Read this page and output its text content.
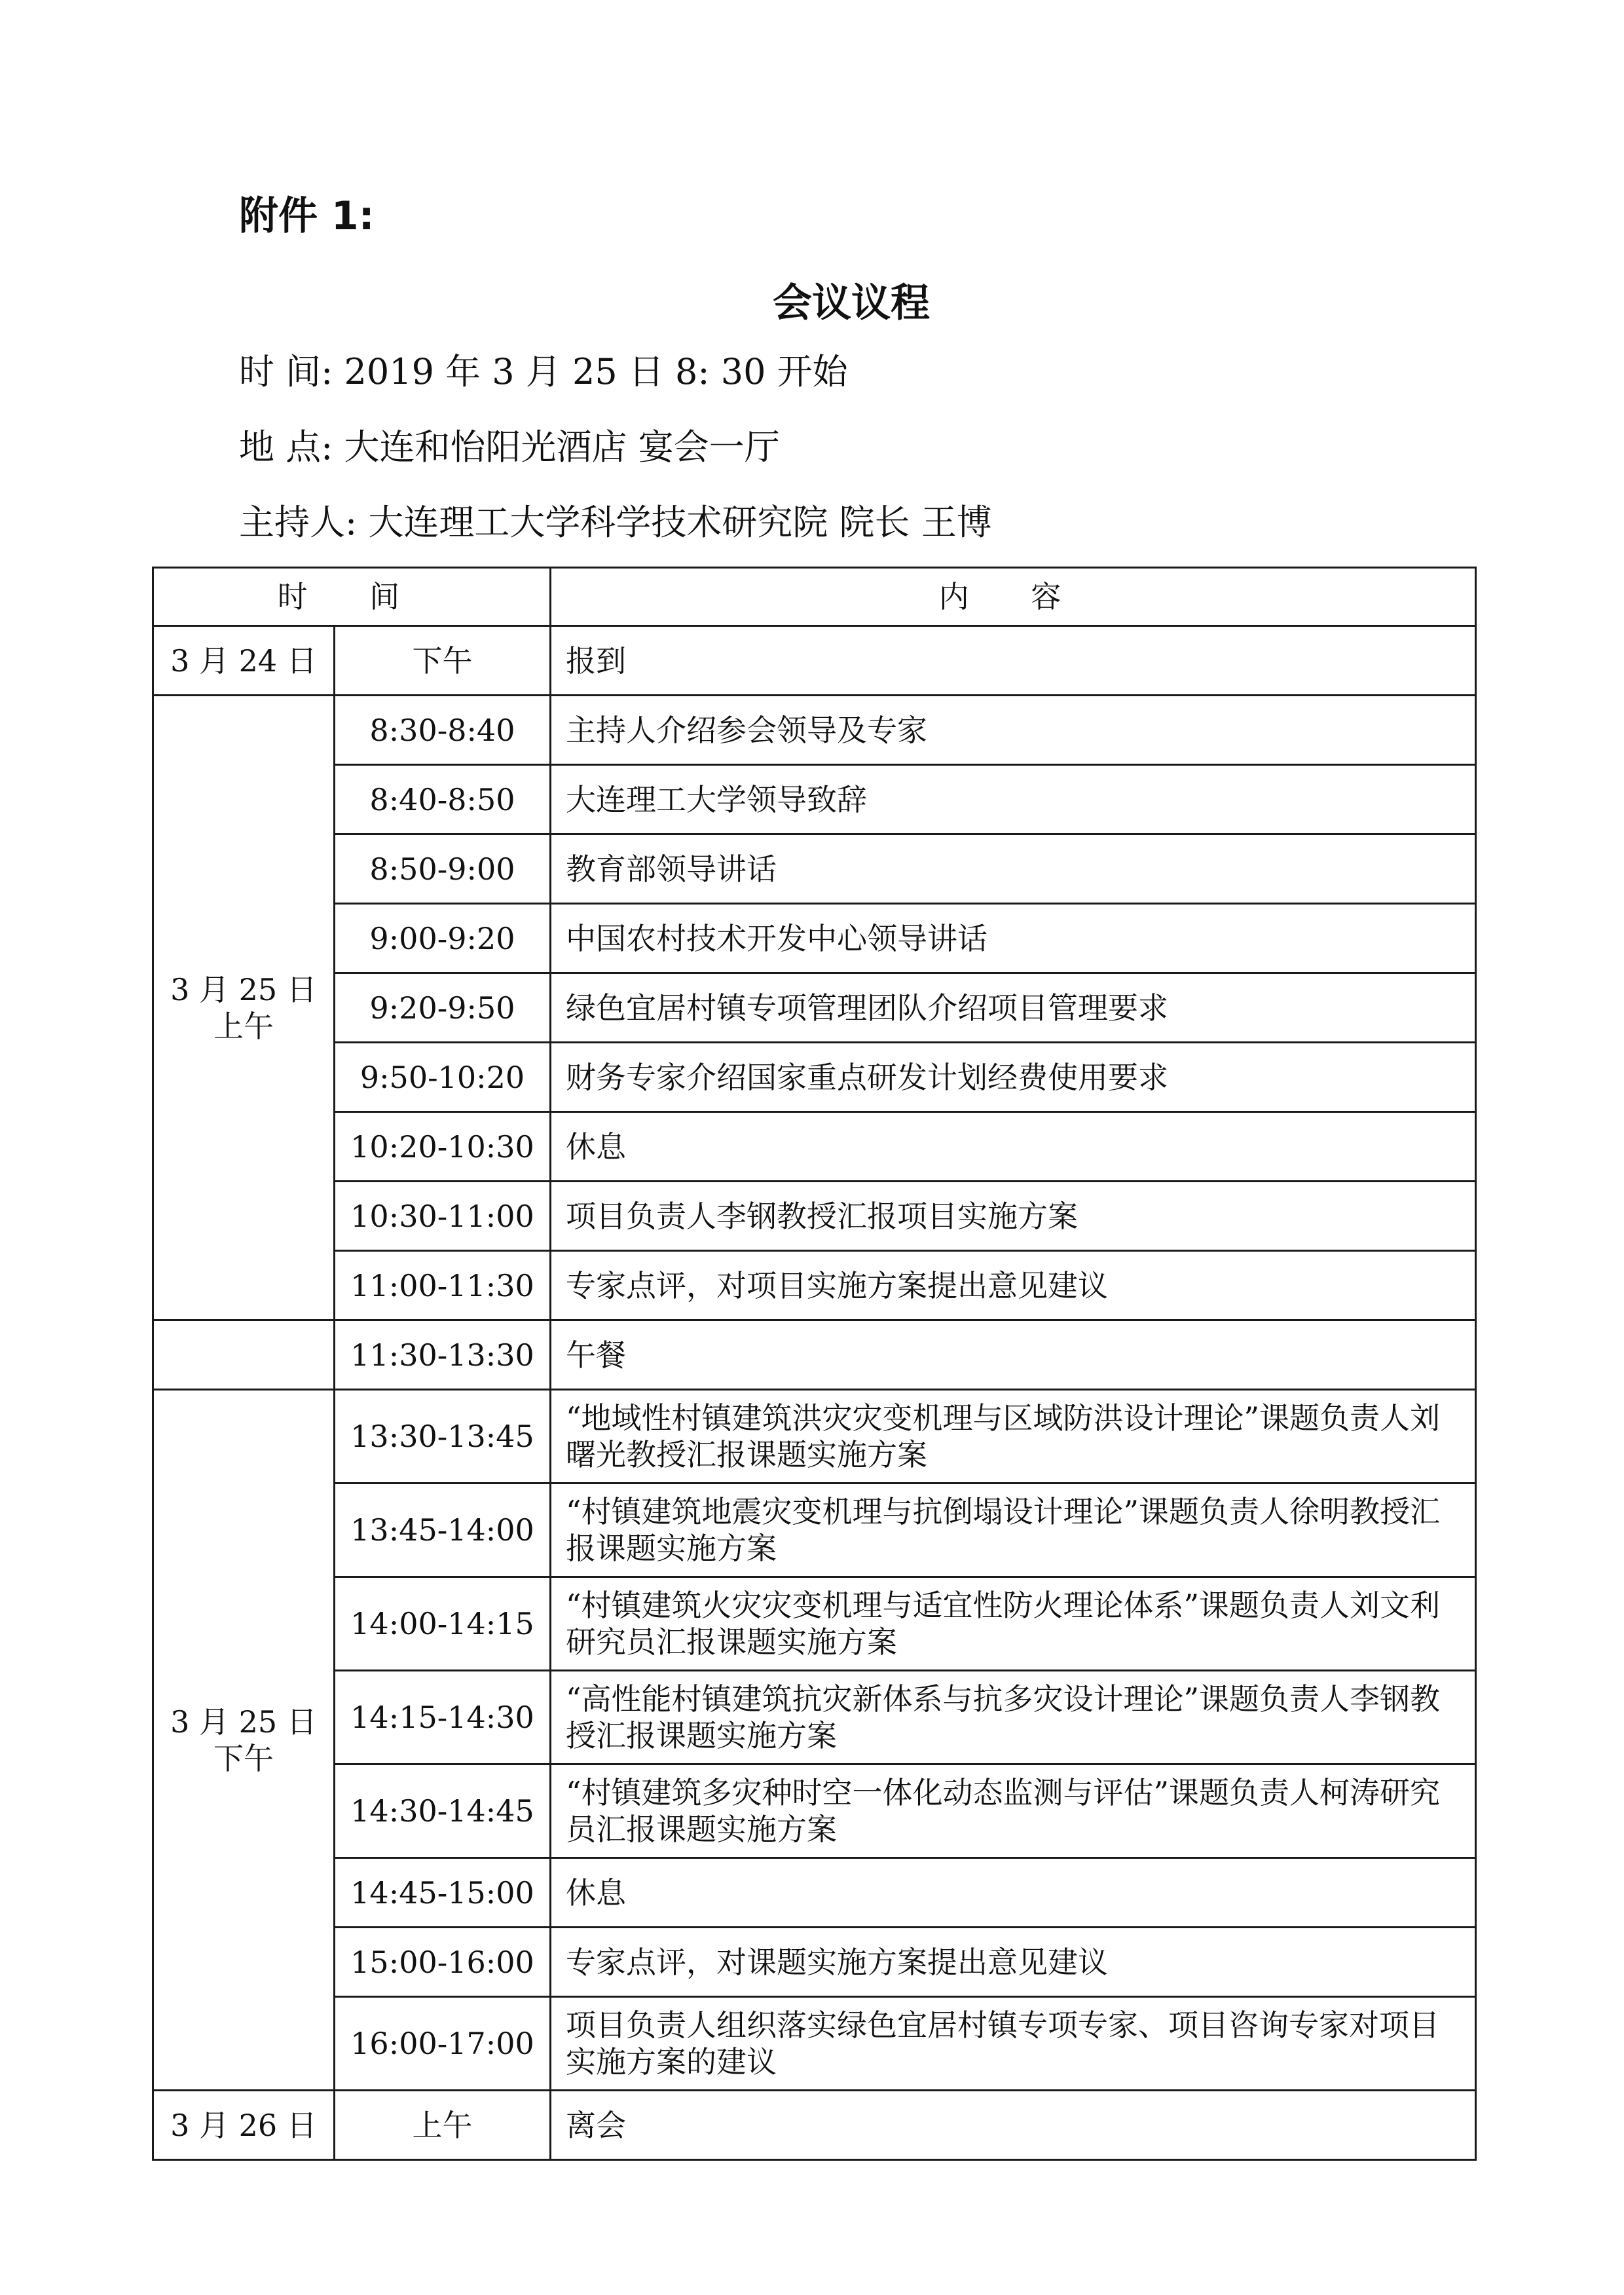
附件 1:
会议议程
时 间: 2019 年 3 月 25 日 8: 30 开始
地 点: 大连和怡阳光酒店 宴会一厅
主持人: 大连理工大学科学技术研究院 院长 王博
时 间		内 容
3 月 24 日	下午	报到
3 月 25 日
上午	8:30-8:40	主持人介绍参会领导及专家
	8:40-8:50	大连理工大学领导致辞
	8:50-9:00	教育部领导讲话
	9:00-9:20	中国农村技术开发中心领导讲话
	9:20-9:50	绿色宜居村镇专项管理团队介绍项目管理要求
	9:50-10:20	财务专家介绍国家重点研发计划经费使用要求
	10:20-10:30	休息
	10:30-11:00	项目负责人李钢教授汇报项目实施方案
	11:00-11:30	专家点评，对项目实施方案提出意见建议
	11:30-13:30	午餐
3 月 25 日
下午	13:30-13:45	“地域性村镇建筑洪灾灾变机理与区域防洪设计理论”课题负责人刘曙光教授汇报课题实施方案
	13:45-14:00	“村镇建筑地震灾变机理与抗倒塌设计理论”课题负责人徐明教授汇报课题实施方案
	14:00-14:15	“村镇建筑火灾灾变机理与适宜性防火理论体系”课题负责人刘文利研究员汇报课题实施方案
	14:15-14:30	“高性能村镇建筑抗灾新体系与抗多灾设计理论”课题负责人李钢教授汇报课题实施方案
	14:30-14:45	“村镇建筑多灾种时空一体化动态监测与评估”课题负责人柯涛研究员汇报课题实施方案
	14:45-15:00	休息
	15:00-16:00	专家点评，对课题实施方案提出意见建议
	16:00-17:00	项目负责人组织落实绿色宜居村镇专项专家、项目咨询专家对项目实施方案的建议
3 月 26 日	上午	离会
